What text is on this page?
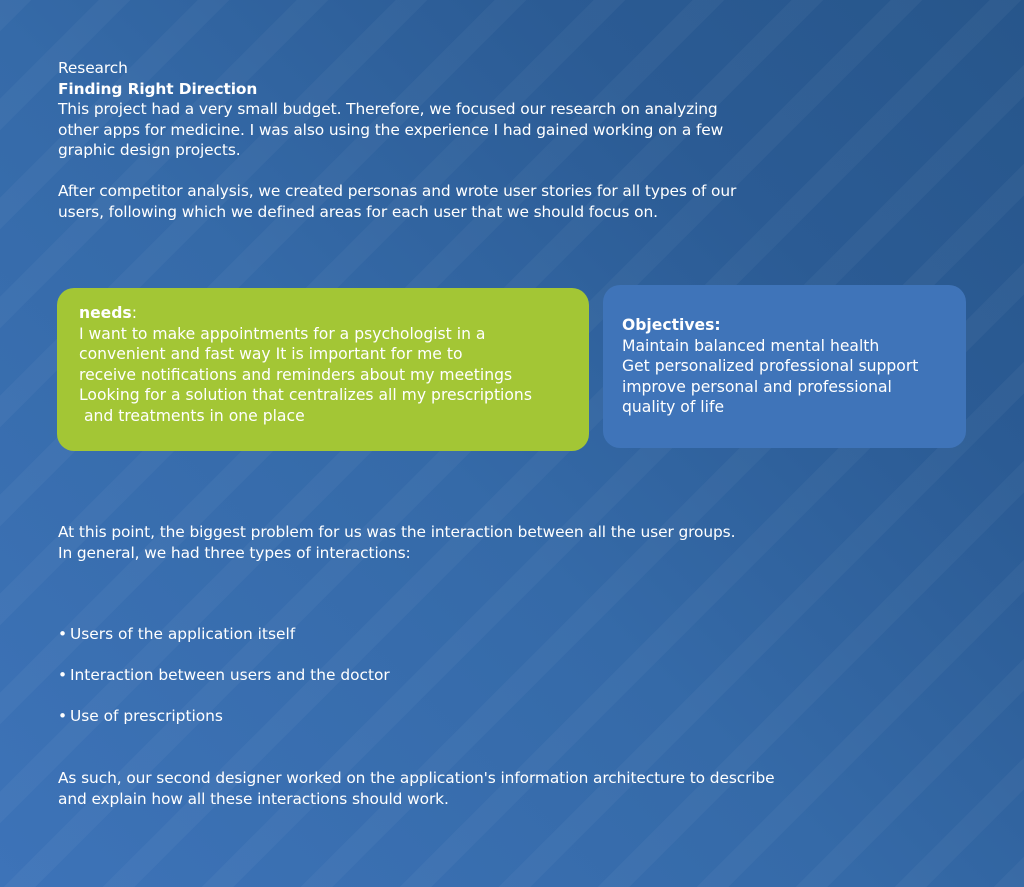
Research
Finding Right Direction
This project had a very small budget. Therefore, we focused our research on analyzing
other apps for medicine. I was also using the experience I had gained working on a few
graphic design projects.
After competitor analysis, we created personas and wrote user stories for all types of our
users, following which we defined areas for each user that we should focus on.
needs:
I want to make appointments for a psychologist in a
convenient and fast way It is important for me to
receive notifications and reminders about my meetings
Looking for a solution that centralizes all my prescriptions
and treatments in one place
Objectives:
Maintain balanced mental health
Get personalized professional support
improve personal and professional
quality of life
At this point, the biggest problem for us was the interaction between all the user groups.
In general, we had three types of interactions:
• Users of the application itself
• Interaction between users and the doctor
• Use of prescriptions
As such, our second designer worked on the application's information architecture to describe
and explain how all these interactions should work.
